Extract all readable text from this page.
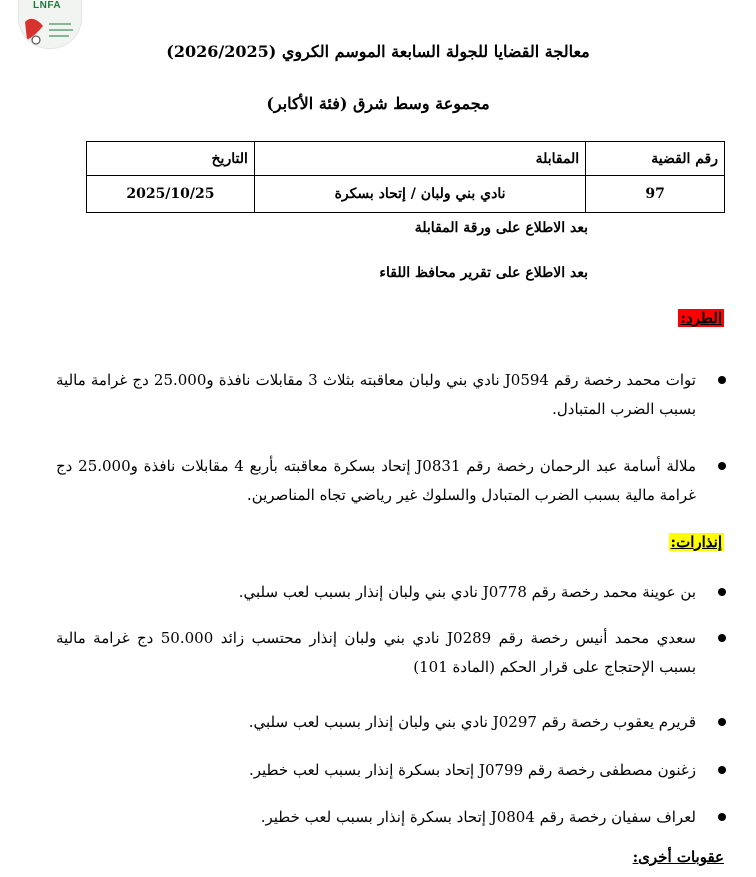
LNFA
معالجة القضايا للجولة السابعة الموسم الكروي (2026/2025)
مجموعة وسط شرق (فئة الأكابر)
رقم القضية	المقابلة	التاريخ
97	نادي بني ولبان / إتحاد بسكرة	2025/10/25
بعد الاطلاع على ورقة المقابلة
بعد الاطلاع على تقرير محافظ اللقاء
الطرد:
توات محمد رخصة رقم J0594 نادي بني ولبان معاقبته بثلاث 3 مقابلات نافذة و25.000 دج غرامة مالية بسبب الضرب المتبادل.
ملالة أسامة عبد الرحمان رخصة رقم J0831 إتحاد بسكرة معاقبته بأربع 4 مقابلات نافذة و25.000 دج غرامة مالية بسبب الضرب المتبادل والسلوك غير رياضي تجاه المناصرين.
إنذارات:
بن عوينة محمد رخصة رقم J0778 نادي بني ولبان إنذار بسبب لعب سلبي.
سعدي محمد أنيس رخصة رقم J0289 نادي بني ولبان إنذار محتسب زائد 50.000 دج غرامة مالية بسبب الإحتجاج على قرار الحكم (المادة 101)
قريرم يعقوب رخصة رقم J0297 نادي بني ولبان إنذار بسبب لعب سلبي.
زغنون مصطفى رخصة رقم J0799 إتحاد بسكرة إنذار بسبب لعب خطير.
لعراف سفيان رخصة رقم J0804 إتحاد بسكرة إنذار بسبب لعب خطير.
عقوبات أخرى:
